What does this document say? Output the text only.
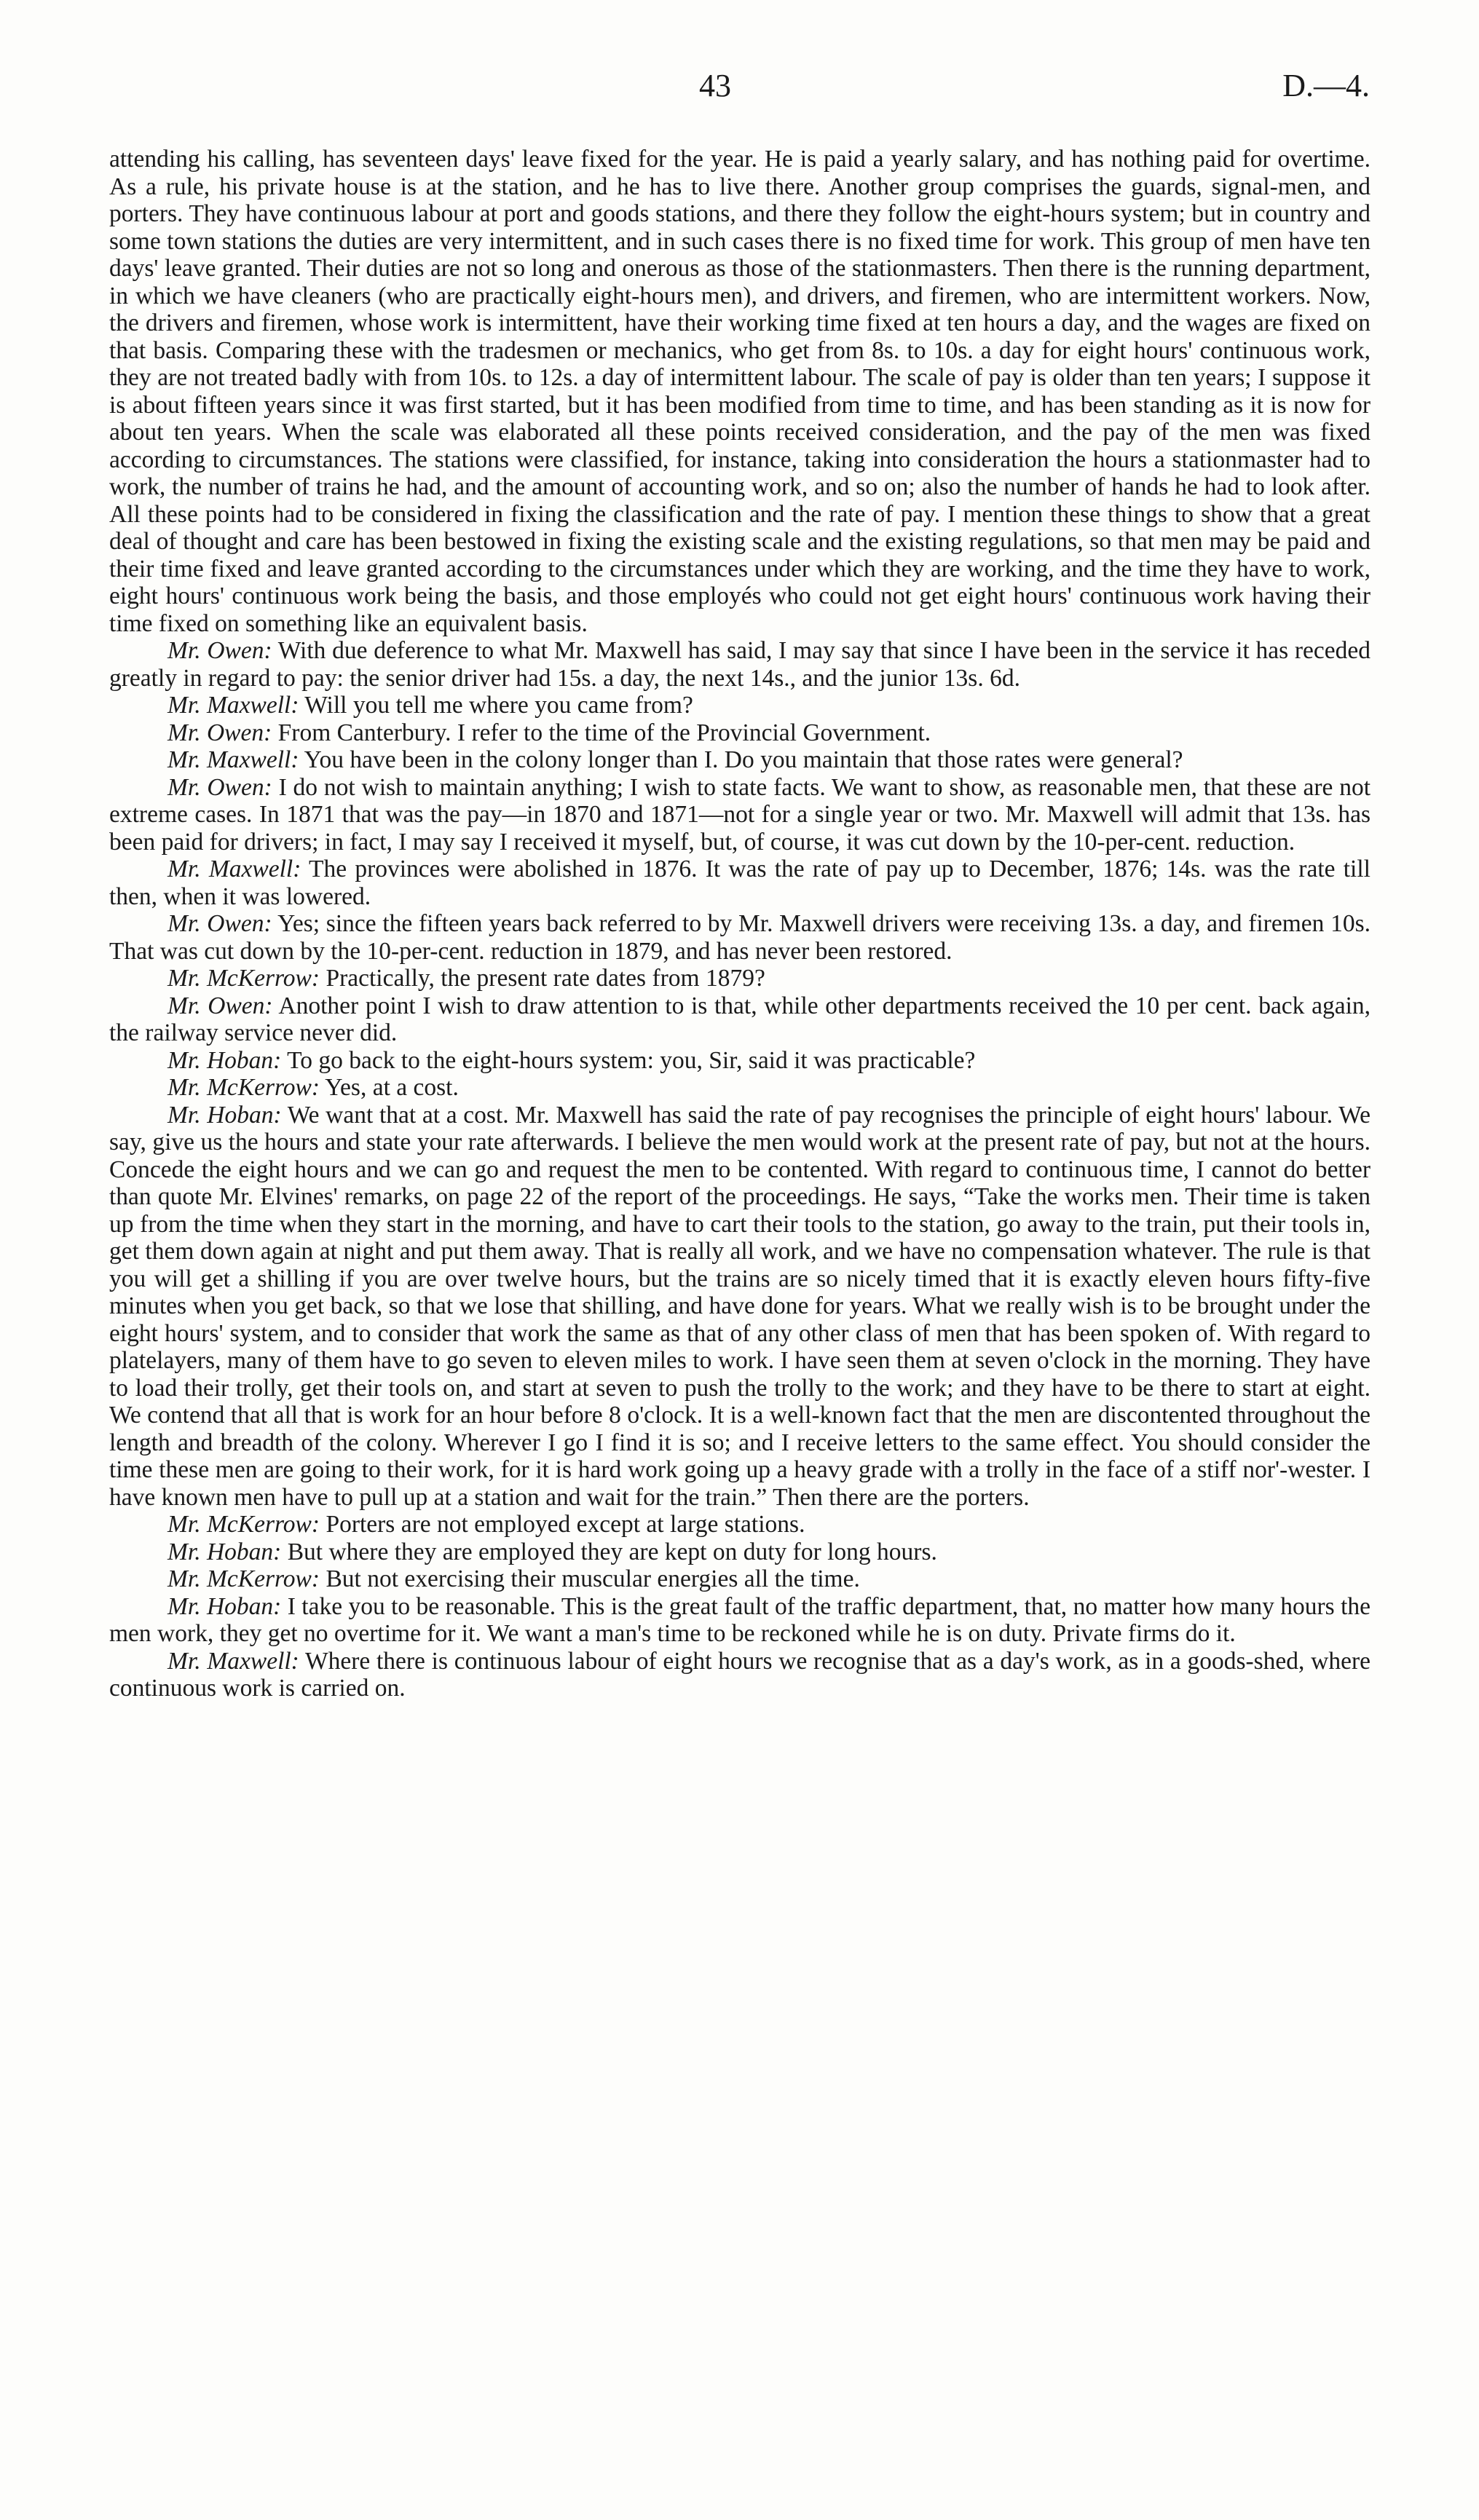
43	D.—4.

attending his calling, has seventeen days' leave fixed for the year. He is paid a yearly salary, and has nothing paid for overtime. As a rule, his private house is at the station, and he has to live there. Another group comprises the guards, signal-men, and porters. They have continuous labour at port and goods stations, and there they follow the eight-hours system; but in country and some town stations the duties are very intermittent, and in such cases there is no fixed time for work. This group of men have ten days' leave granted. Their duties are not so long and onerous as those of the stationmasters. Then there is the running department, in which we have cleaners (who are practically eight-hours men), and drivers, and firemen, who are intermittent workers. Now, the drivers and firemen, whose work is intermittent, have their working time fixed at ten hours a day, and the wages are fixed on that basis. Comparing these with the tradesmen or mechanics, who get from 8s. to 10s. a day for eight hours' continuous work, they are not treated badly with from 10s. to 12s. a day of intermittent labour. The scale of pay is older than ten years; I suppose it is about fifteen years since it was first started, but it has been modified from time to time, and has been standing as it is now for about ten years. When the scale was elaborated all these points received consideration, and the pay of the men was fixed according to circumstances. The stations were classified, for instance, taking into consideration the hours a stationmaster had to work, the number of trains he had, and the amount of accounting work, and so on; also the number of hands he had to look after. All these points had to be considered in fixing the classification and the rate of pay. I mention these things to show that a great deal of thought and care has been bestowed in fixing the existing scale and the existing regulations, so that men may be paid and their time fixed and leave granted according to the circumstances under which they are working, and the time they have to work, eight hours' continuous work being the basis, and those employés who could not get eight hours' continuous work having their time fixed on something like an equivalent basis.

Mr. Owen: With due deference to what Mr. Maxwell has said, I may say that since I have been in the service it has receded greatly in regard to pay: the senior driver had 15s. a day, the next 14s., and the junior 13s. 6d.

Mr. Maxwell: Will you tell me where you came from?

Mr. Owen: From Canterbury. I refer to the time of the Provincial Government.

Mr. Maxwell: You have been in the colony longer than I. Do you maintain that those rates were general?

Mr. Owen: I do not wish to maintain anything; I wish to state facts. We want to show, as reasonable men, that these are not extreme cases. In 1871 that was the pay—in 1870 and 1871—not for a single year or two. Mr. Maxwell will admit that 13s. has been paid for drivers; in fact, I may say I received it myself, but, of course, it was cut down by the 10-per-cent. reduction.

Mr. Maxwell: The provinces were abolished in 1876. It was the rate of pay up to December, 1876; 14s. was the rate till then, when it was lowered.

Mr. Owen: Yes; since the fifteen years back referred to by Mr. Maxwell drivers were receiving 13s. a day, and firemen 10s. That was cut down by the 10-per-cent. reduction in 1879, and has never been restored.

Mr. McKerrow: Practically, the present rate dates from 1879?

Mr. Owen: Another point I wish to draw attention to is that, while other departments received the 10 per cent. back again, the railway service never did.

Mr. Hoban: To go back to the eight-hours system: you, Sir, said it was practicable?

Mr. McKerrow: Yes, at a cost.

Mr. Hoban: We want that at a cost. Mr. Maxwell has said the rate of pay recognises the principle of eight hours' labour. We say, give us the hours and state your rate afterwards. I believe the men would work at the present rate of pay, but not at the hours. Concede the eight hours and we can go and request the men to be contented. With regard to continuous time, I cannot do better than quote Mr. Elvines' remarks, on page 22 of the report of the proceedings. He says, “Take the works men. Their time is taken up from the time when they start in the morning, and have to cart their tools to the station, go away to the train, put their tools in, get them down again at night and put them away. That is really all work, and we have no compensation whatever. The rule is that you will get a shilling if you are over twelve hours, but the trains are so nicely timed that it is exactly eleven hours fifty-five minutes when you get back, so that we lose that shilling, and have done for years. What we really wish is to be brought under the eight hours' system, and to consider that work the same as that of any other class of men that has been spoken of. With regard to platelayers, many of them have to go seven to eleven miles to work. I have seen them at seven o'clock in the morning. They have to load their trolly, get their tools on, and start at seven to push the trolly to the work; and they have to be there to start at eight. We contend that all that is work for an hour before 8 o'clock. It is a well-known fact that the men are discontented throughout the length and breadth of the colony. Wherever I go I find it is so; and I receive letters to the same effect. You should consider the time these men are going to their work, for it is hard work going up a heavy grade with a trolly in the face of a stiff nor'-wester. I have known men have to pull up at a station and wait for the train.” Then there are the porters.

Mr. McKerrow: Porters are not employed except at large stations.

Mr. Hoban: But where they are employed they are kept on duty for long hours.

Mr. McKerrow: But not exercising their muscular energies all the time.

Mr. Hoban: I take you to be reasonable. This is the great fault of the traffic department, that, no matter how many hours the men work, they get no overtime for it. We want a man's time to be reckoned while he is on duty. Private firms do it.

Mr. Maxwell: Where there is continuous labour of eight hours we recognise that as a day's work, as in a goods-shed, where continuous work is carried on.
